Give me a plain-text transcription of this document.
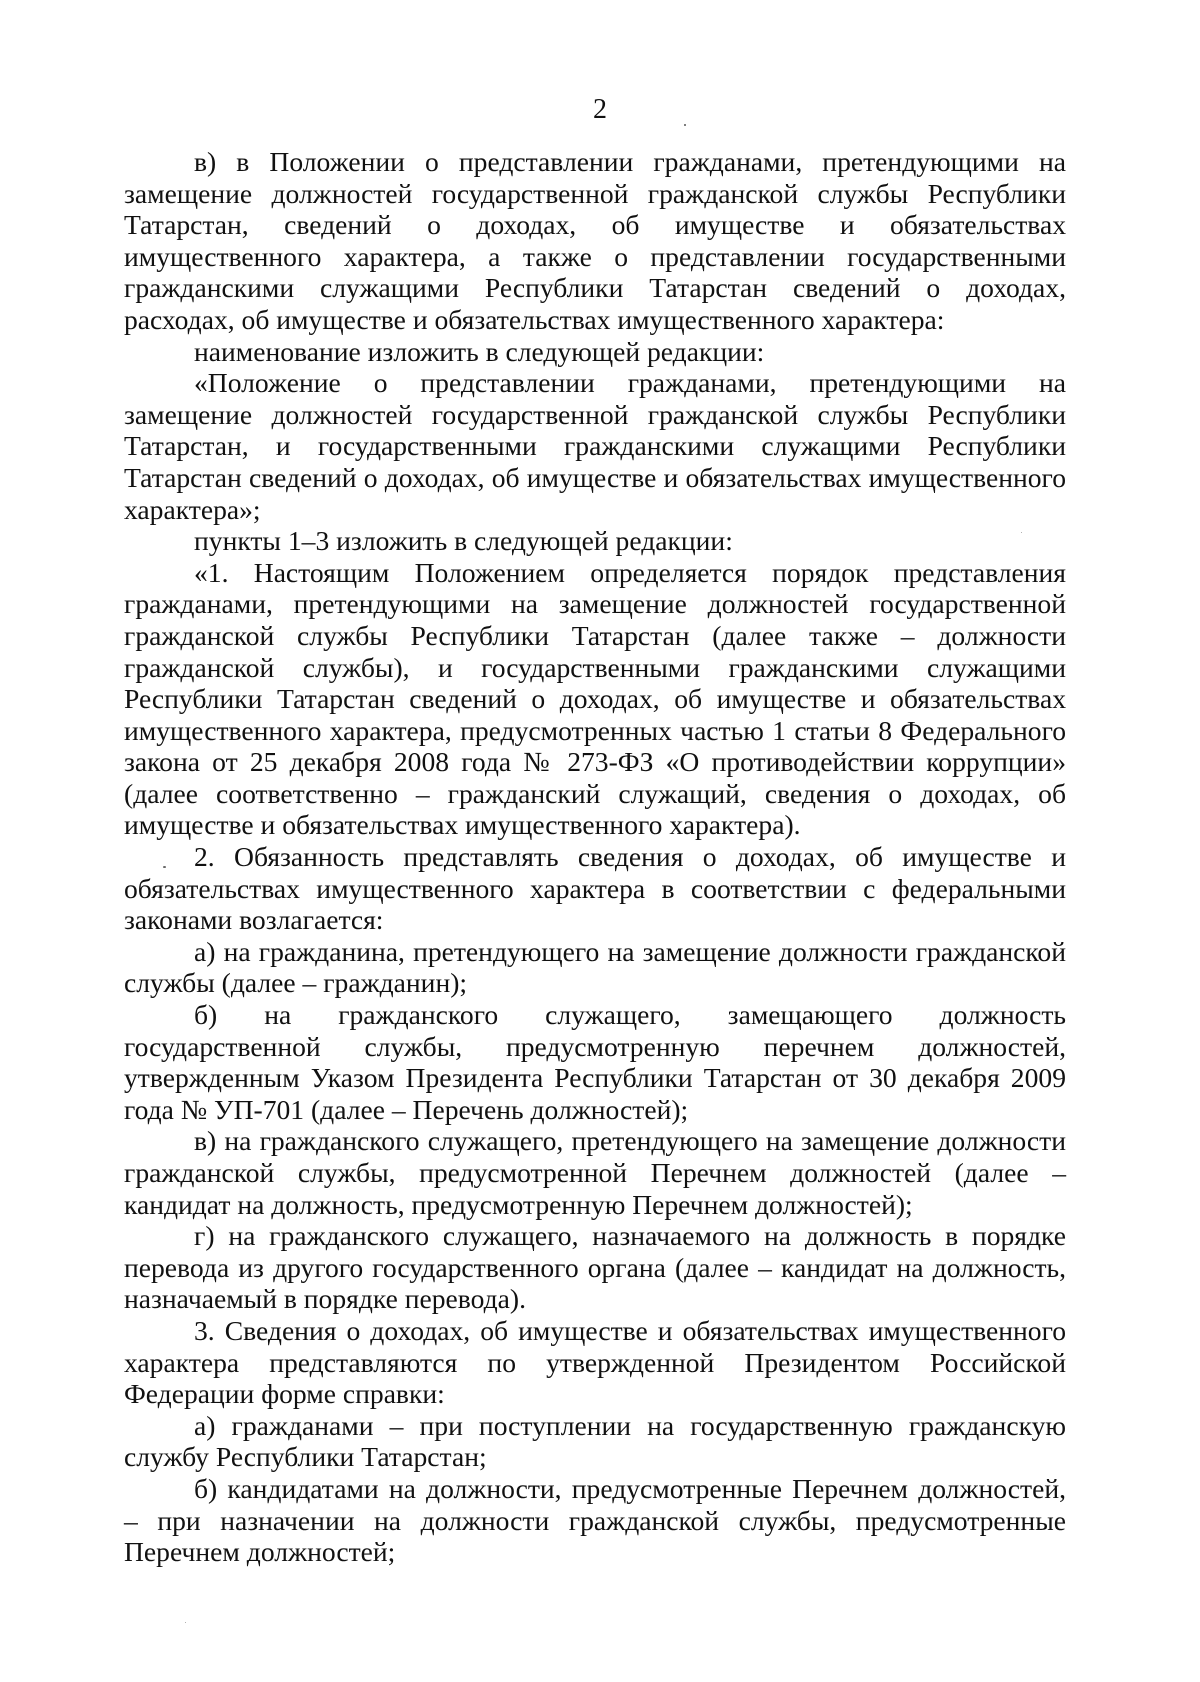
2

в) в Положении о представлении гражданами, претендующими на замещение должностей государственной гражданской службы Республики Татарстан, сведений о доходах, об имуществе и обязательствах имущественного характера, а также о представлении государственными гражданскими служащими Республики Татарстан сведений о доходах, расходах, об имуществе и обязательствах имущественного характера:

наименование изложить в следующей редакции:

«Положение о представлении гражданами, претендующими на замещение должностей государственной гражданской службы Республики Татарстан, и государственными гражданскими служащими Республики Татарстан сведений о доходах, об имуществе и обязательствах имущественного характера»;

пункты 1–3 изложить в следующей редакции:

«1. Настоящим Положением определяется порядок представления гражданами, претендующими на замещение должностей государственной гражданской службы Республики Татарстан (далее также – должности гражданской службы), и государственными гражданскими служащими Республики Татарстан сведений о доходах, об имуществе и обязательствах имущественного характера, предусмотренных частью 1 статьи 8 Федерального закона от 25 декабря 2008 года № 273-ФЗ «О противодействии коррупции» (далее соответственно – гражданский служащий, сведения о доходах, об имуществе и обязательствах имущественного характера).

2. Обязанность представлять сведения о доходах, об имуществе и обязательствах имущественного характера в соответствии с федеральными законами возлагается:

а) на гражданина, претендующего на замещение должности гражданской службы (далее – гражданин);

б) на гражданского служащего, замещающего должность государственной службы, предусмотренную перечнем должностей, утвержденным Указом Президента Республики Татарстан от 30 декабря 2009 года № УП-701 (далее – Перечень должностей);

в) на гражданского служащего, претендующего на замещение должности гражданской службы, предусмотренной Перечнем должностей (далее – кандидат на должность, предусмотренную Перечнем должностей);

г) на гражданского служащего, назначаемого на должность в порядке перевода из другого государственного органа (далее – кандидат на должность, назначаемый в порядке перевода).

3. Сведения о доходах, об имуществе и обязательствах имущественного характера представляются по утвержденной Президентом Российской Федерации форме справки:

а) гражданами – при поступлении на государственную гражданскую службу Республики Татарстан;

б) кандидатами на должности, предусмотренные Перечнем должностей, – при назначении на должности гражданской службы, предусмотренные Перечнем должностей;
